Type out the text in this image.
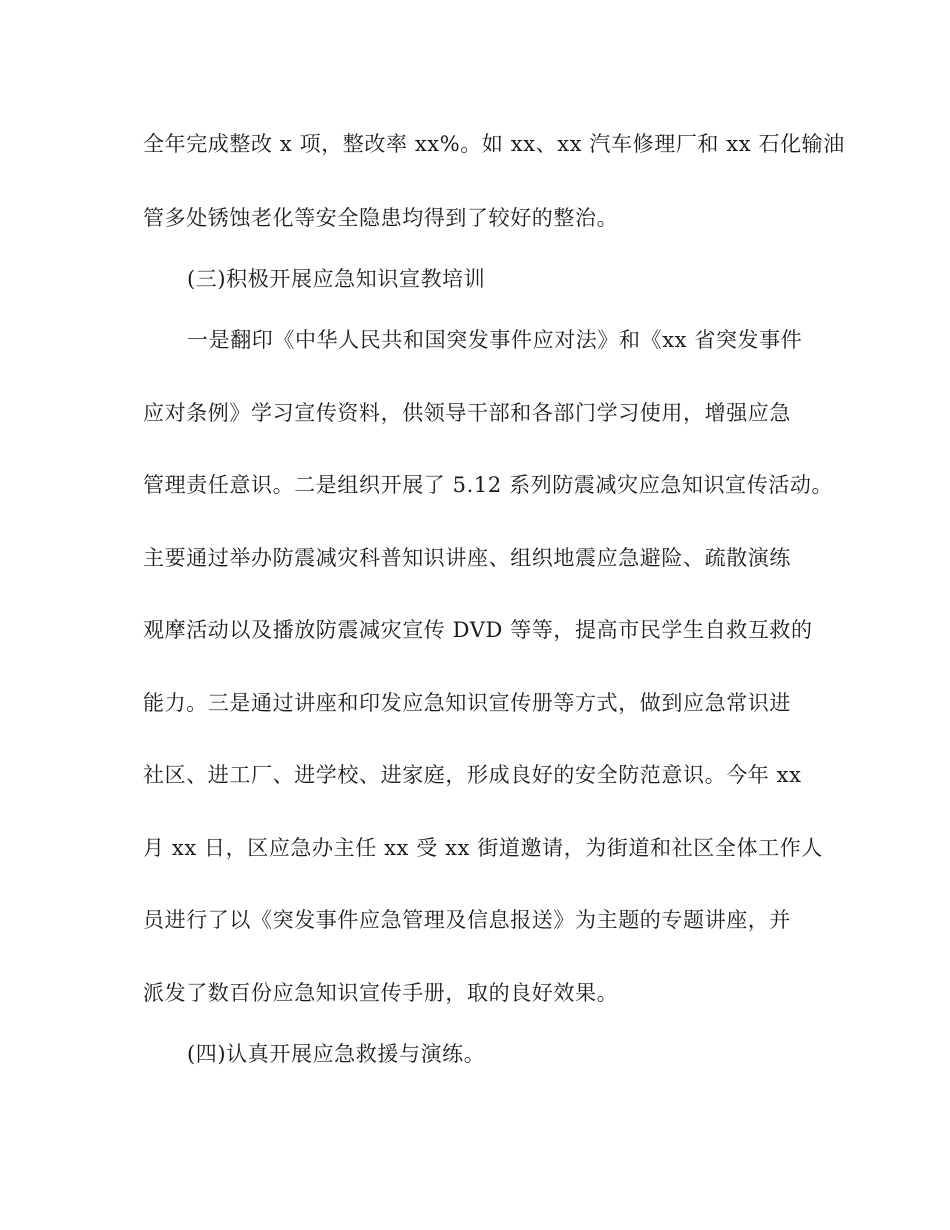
全年完成整改 x 项，整改率 xx%。如 xx、xx 汽车修理厂和 xx 石化输油
管多处锈蚀老化等安全隐患均得到了较好的整治。
(三)积极开展应急知识宣教培训
一是翻印《中华人民共和国突发事件应对法》和《xx 省突发事件
应对条例》学习宣传资料，供领导干部和各部门学习使用，增强应急
管理责任意识。二是组织开展了 5.12 系列防震减灾应急知识宣传活动。
主要通过举办防震减灾科普知识讲座、组织地震应急避险、疏散演练
观摩活动以及播放防震减灾宣传 DVD 等等，提高市民学生自救互救的
能力。三是通过讲座和印发应急知识宣传册等方式，做到应急常识进
社区、进工厂、进学校、进家庭，形成良好的安全防范意识。今年 xx
月 xx 日，区应急办主任 xx 受 xx 街道邀请，为街道和社区全体工作人
员进行了以《突发事件应急管理及信息报送》为主题的专题讲座，并
派发了数百份应急知识宣传手册，取的良好效果。
(四)认真开展应急救援与演练。
